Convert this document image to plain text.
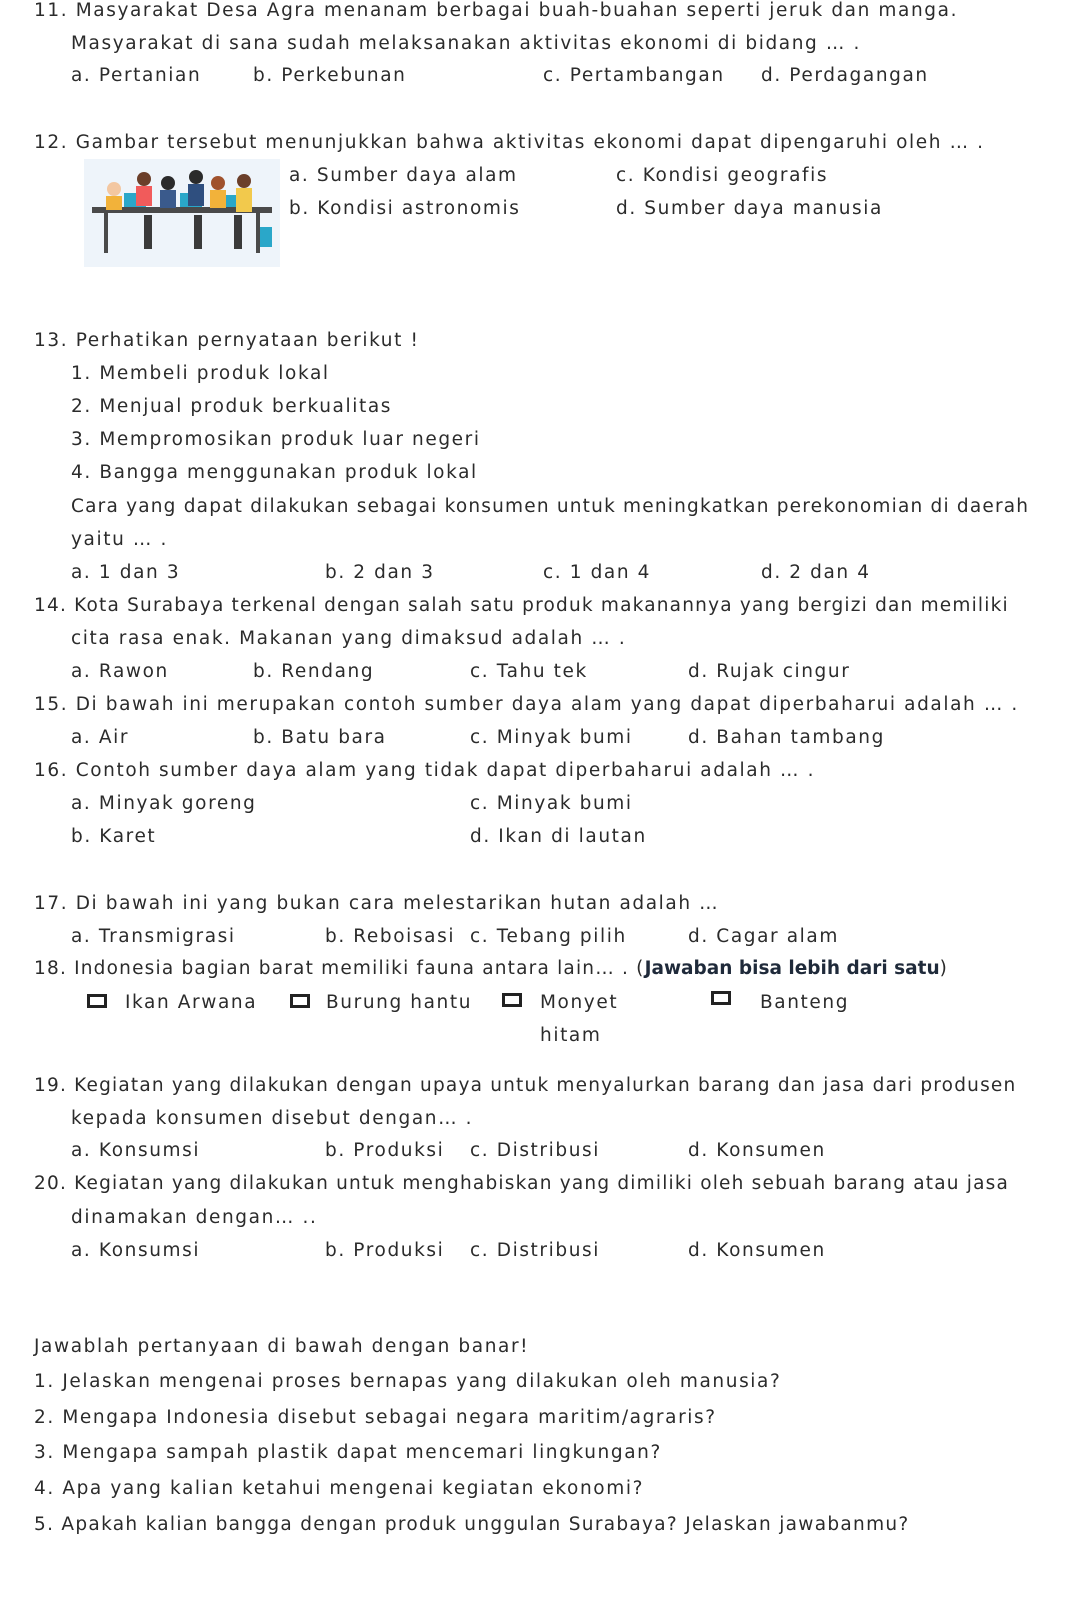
11. Masyarakat Desa Agra menanam berbagai buah-buahan seperti jeruk dan manga.
Masyarakat di sana sudah melaksanakan aktivitas ekonomi di bidang … .
a. Pertanian	b. Perkebunan	c. Pertambangan d. Perdagangan
12. Gambar tersebut menunjukkan bahwa aktivitas ekonomi dapat dipengaruhi oleh … .
a. Sumber daya alam
b. Kondisi astronomis
c. Kondisi geografis
d. Sumber daya manusia
13. Perhatikan pernyataan berikut !
1. Membeli produk lokal
2. Menjual produk berkualitas
3. Mempromosikan produk luar negeri
4. Bangga menggunakan produk lokal
Cara yang dapat dilakukan sebagai konsumen untuk meningkatkan perekonomian di daerah
yaitu … .
a. 1 dan 3	b. 2 dan 3	c. 1 dan 4	d. 2 dan 4
14. Kota Surabaya terkenal dengan salah satu produk makanannya yang bergizi dan memiliki
cita rasa enak. Makanan yang dimaksud adalah … .
a. Rawon	b. Rendang	c. Tahu tek	d. Rujak cingur
15. Di bawah ini merupakan contoh sumber daya alam yang dapat diperbaharui adalah … .
a. Air	b. Batu bara	c. Minyak bumi	d. Bahan tambang
16. Contoh sumber daya alam yang tidak dapat diperbaharui adalah … .
a. Minyak goreng
b. Karet
c. Minyak bumi
d. Ikan di lautan
17. Di bawah ini yang bukan cara melestarikan hutan adalah …
a. Transmigrasi	b. Reboisasi c. Tebang pilih	d. Cagar alam
18. Indonesia bagian barat memiliki fauna antara lain… . (Jawaban bisa lebih dari satu)
Ikan Arwana	Burung hantu	Monyet	Banteng
hitam
19. Kegiatan yang dilakukan dengan upaya untuk menyalurkan barang dan jasa dari produsen
kepada konsumen disebut dengan… .
a. Konsumsi	b. Produksi c. Distribusi	d. Konsumen
20. Kegiatan yang dilakukan untuk menghabiskan yang dimiliki oleh sebuah barang atau jasa
dinamakan dengan… ..
a. Konsumsi	b. Produksi c. Distribusi	d. Konsumen
Jawablah pertanyaan di bawah dengan banar!
1. Jelaskan mengenai proses bernapas yang dilakukan oleh manusia?
2. Mengapa Indonesia disebut sebagai negara maritim/agraris?
3. Mengapa sampah plastik dapat mencemari lingkungan?
4. Apa yang kalian ketahui mengenai kegiatan ekonomi?
5. Apakah kalian bangga dengan produk unggulan Surabaya? Jelaskan jawabanmu?
